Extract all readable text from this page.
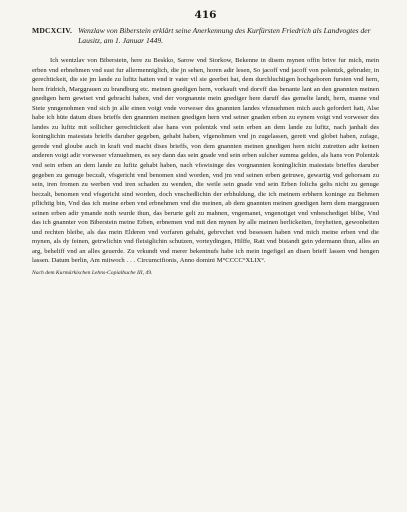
416
MDCXCIV. Wenzlaw von Biberstein erklärt seine Anerkennung des Kurfürsten Friedrich als Landvogtes der Lausitz, am 1. Januar 1449.
Ich wentzlav von Biberstein, here zu Beskko, Sarow vnd Storkow, Bekenne in disem mynen offin brive fur mich, mein erben vnd erbnehmen vnd sust fur allermenniglich, die jn sehen, horen adir lesen, So jacoff vnd jacoff von polentzk, gebruder, in gerechtickeit, die sie jm lande zu lufitz hatten vnd ir vater vil sie geerbet hat, dem durchluchtigen hochgeboren fursten vnd hern, hern fridrich, Marggrauen zu brandburg etc. meinen gnedigen hern, vorkauft vnd dorvff das benante lant an den gnannten meinen gnedigen hern gewiset vnd gebracht haben, vnd der vorgnannte mein gnediger here daruff das gemelte landt, hern, manne vnd Stete ynngenohmen vnd sich jn alle einen voigt vnde vorweser des gnannten landes vfznuehmen mich auch gefordert hatt, Alse habe ich hüte datum dises brieffs den gnannten meinen gnedigen hern vnd seiner gnaden erben zu eynem voigt vnd vorweser des landes zu lufitz mit sollicher gerechtickeit alse hans von polentzk vnd sein erben an dem lande zu lufitz, nach janhalt des koninglichin maiestats brieffs daruber gegeben, gehabt haben, vfgenohmen vnd jn zugelassen, gerett vnd globet haben, zufage, gerede vnd gloube auch in kraft vnd macht dises brieffs, von dem gnannten meinen gnedigen hern nicht zutretten adir keinen anderen voigt adir vorweser vfznuehmen, es sey dann das sein gnade vnd sein erben sulcher summa geldes, als hans von Polentzk vnd sein erben an dem lande zu lufitz gehabt haben, nach vfswisinge des vorgnannten koninglichin maiestats brieffes daruber gegeben zu genuge beczalt, vfsgericht vnd benomen sind worden, vnd jm vnd seinen erben getruwe, gewartig vnd gehorsam zu sein, iren fromen zu werben vnd iren schaden zu wenden, die weile sein gnade vnd sein Erben folichs gelts nicht zu genuge beczalt, benomen vnd vfsgericht sind worden, doch vnschedlichin der erbhuldung, die ich meinem erbhern koninge zu Behmen pflichtig bin, Vnd das ich meine erben vnd erbnehmen vnd die meinen, ab dem gnannten meinen gnedigen hern dem marggrauen seinen erben adir ymande noth wurde thun, das berurte gelt zu mahnen, vngemanet, vngenotiget vnd vnbeschediget blibe, Vnd das ich gnannter von Biberstein meine Erben, erbnemen vnd mit den mynen by alle meinen herlickeiten, freyheiten, gewonheiten und rechten bleibe, als das mein Elderen vnd vorfaren gehabt, gebrvchet vnd besessen haben vnd mich meine erben vnd die mynen, als dy feinen, getrwlichin vnd fleisiglichin schutzen, vorteydingen, Hilffe, Ratt vnd bistandt gein ydermann thun, alles an arg, beheliff vnd an alles geuerde. Zu vrkundt vnd merer bekentnufs habe ich mein ingefigel an disen brieff lassen vnd hengen lassen. Datum berlin, Am mitwoch . . . Circumcifionis, Anno domini M°CCCC°XLIX°.
Nach dem Kurmärkischen Lehns-Copialbuche III, 49.
